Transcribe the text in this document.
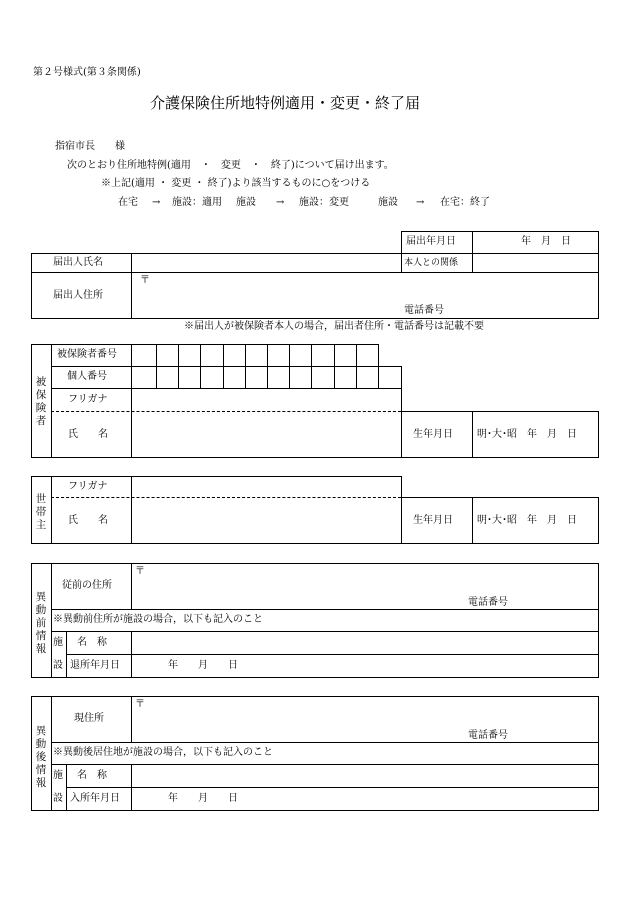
第２号様式(第３条関係)
介護保険住所地特例適用・変更・終了届
指宿市長　　様
次のとおり住所地特例(適用　・　変更　・　終了)について届け出ます。
※上記(適用 ・ 変更 ・ 終了)より該当するものに○をつける
在宅 → 施設：適用 施設 → 施設：変更	施設 → 在宅：終了
届出年月日	年　月　日
届出人氏名	本人との関係
届出人住所
〒
電話番号
※届出人が被保険者本人の場合，届出者住所・電話番号は記載不要
被保険者
被保険者番号
個人番号
フリガナ
氏　　名	生年月日 明･大･昭　年　月　日
世帯主
フリガナ
氏　　名	生年月日 明･大･昭　年　月　日
異動前情報
従前の住所
〒
電話番号
※異動前住所が施設の場合，以下も記入のこと
施
設
名　称
退所年月日	年　　月　　日
異動後情報
現住所
〒
電話番号
※異動後居住地が施設の場合，以下も記入のこと
施
設
名　称
入所年月日	年　　月　　日
